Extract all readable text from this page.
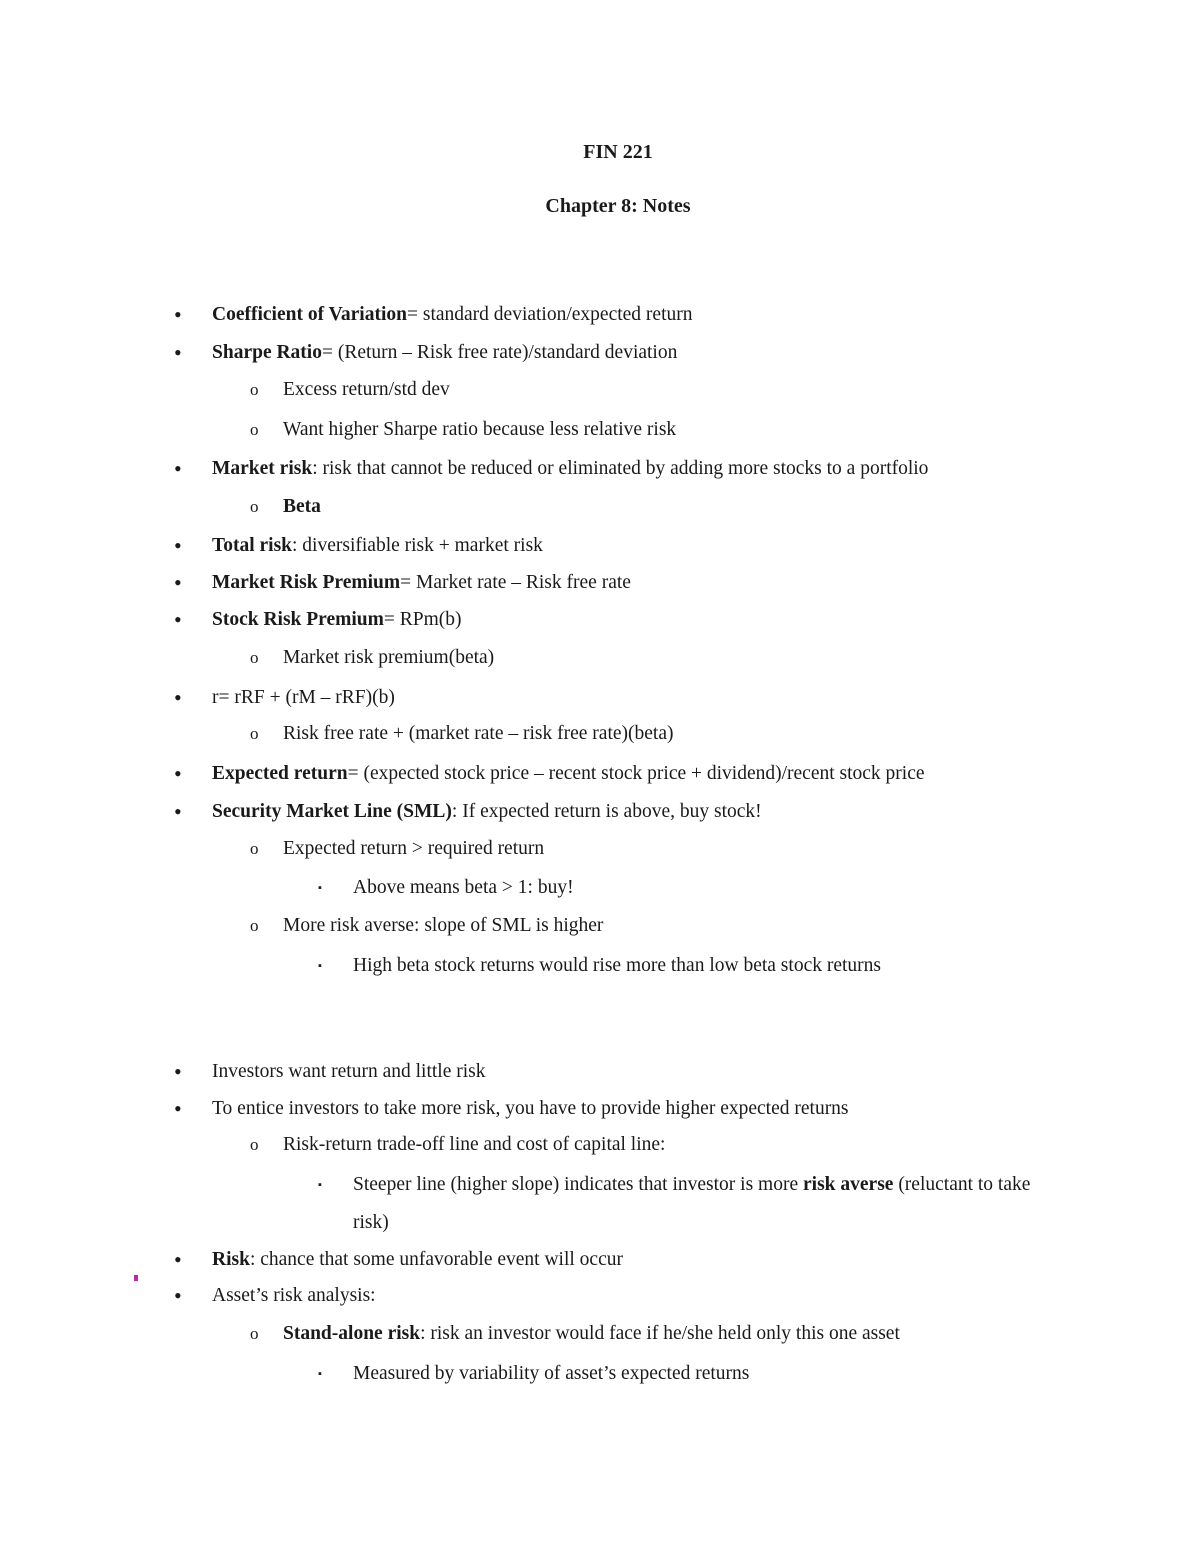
FIN 221
Chapter 8: Notes
• Coefficient of Variation= standard deviation/expected return
• Sharpe Ratio= (Return – Risk free rate)/standard deviation
o Excess return/std dev
o Want higher Sharpe ratio because less relative risk
• Market risk: risk that cannot be reduced or eliminated by adding more stocks to a portfolio
o Beta
• Total risk: diversifiable risk + market risk
• Market Risk Premium= Market rate – Risk free rate
• Stock Risk Premium= RPm(b)
o Market risk premium(beta)
• r= rRF + (rM – rRF)(b)
o Risk free rate + (market rate – risk free rate)(beta)
• Expected return= (expected stock price – recent stock price + dividend)/recent stock price
• Security Market Line (SML): If expected return is above, buy stock!
o Expected return > required return
▪ Above means beta > 1: buy!
o More risk averse: slope of SML is higher
▪ High beta stock returns would rise more than low beta stock returns
• Investors want return and little risk
• To entice investors to take more risk, you have to provide higher expected returns
o Risk-return trade-off line and cost of capital line:
▪ Steeper line (higher slope) indicates that investor is more risk averse (reluctant to take risk)
• Risk: chance that some unfavorable event will occur
• Asset’s risk analysis:
o Stand-alone risk: risk an investor would face if he/she held only this one asset
▪ Measured by variability of asset’s expected returns
